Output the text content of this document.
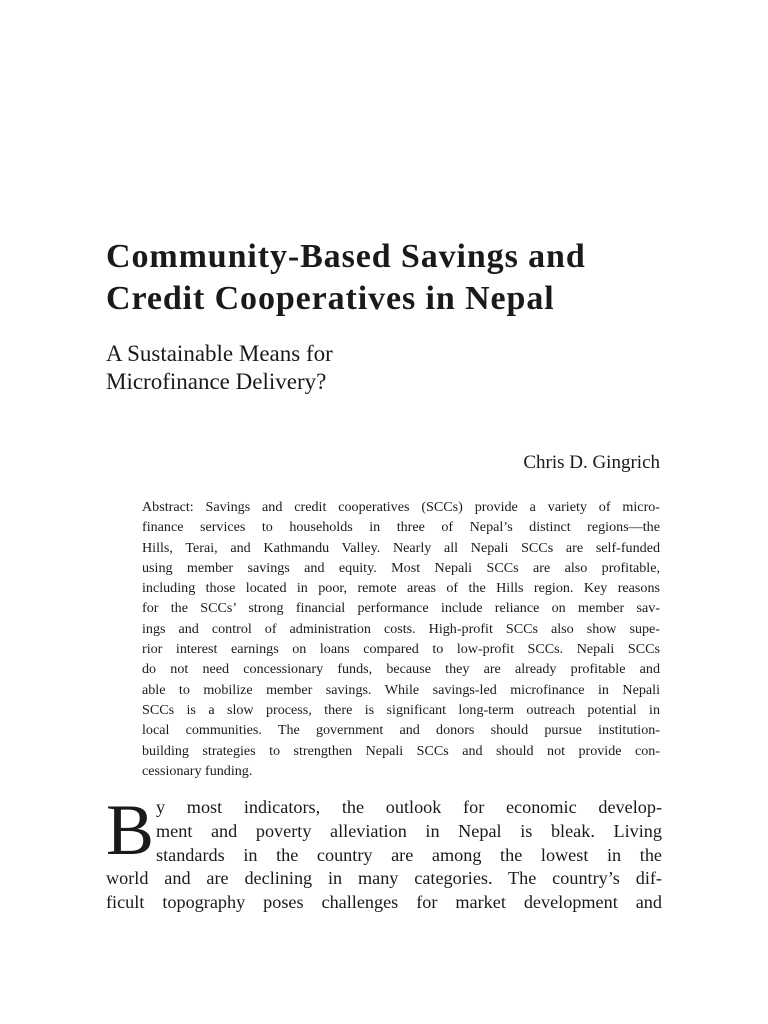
Community-Based Savings and
Credit Cooperatives in Nepal
A Sustainable Means for
Microfinance Delivery?
Chris D. Gingrich
Abstract: Savings and credit cooperatives (SCCs) provide a variety of micro-
finance services to households in three of Nepal’s distinct regions—the
Hills, Terai, and Kathmandu Valley. Nearly all Nepali SCCs are self-funded
using member savings and equity. Most Nepali SCCs are also profitable,
including those located in poor, remote areas of the Hills region. Key reasons
for the SCCs’ strong financial performance include reliance on member sav-
ings and control of administration costs. High-profit SCCs also show supe-
rior interest earnings on loans compared to low-profit SCCs. Nepali SCCs
do not need concessionary funds, because they are already profitable and
able to mobilize member savings. While savings-led microfinance in Nepali
SCCs is a slow process, there is significant long-term outreach potential in
local communities. The government and donors should pursue institution-
building strategies to strengthen Nepali SCCs and should not provide con-
cessionary funding.
B y most indicators, the outlook for economic develop-
ment and poverty alleviation in Nepal is bleak. Living
standards in the country are among the lowest in the
world and are declining in many categories. The country’s dif-
ficult topography poses challenges for market development and
